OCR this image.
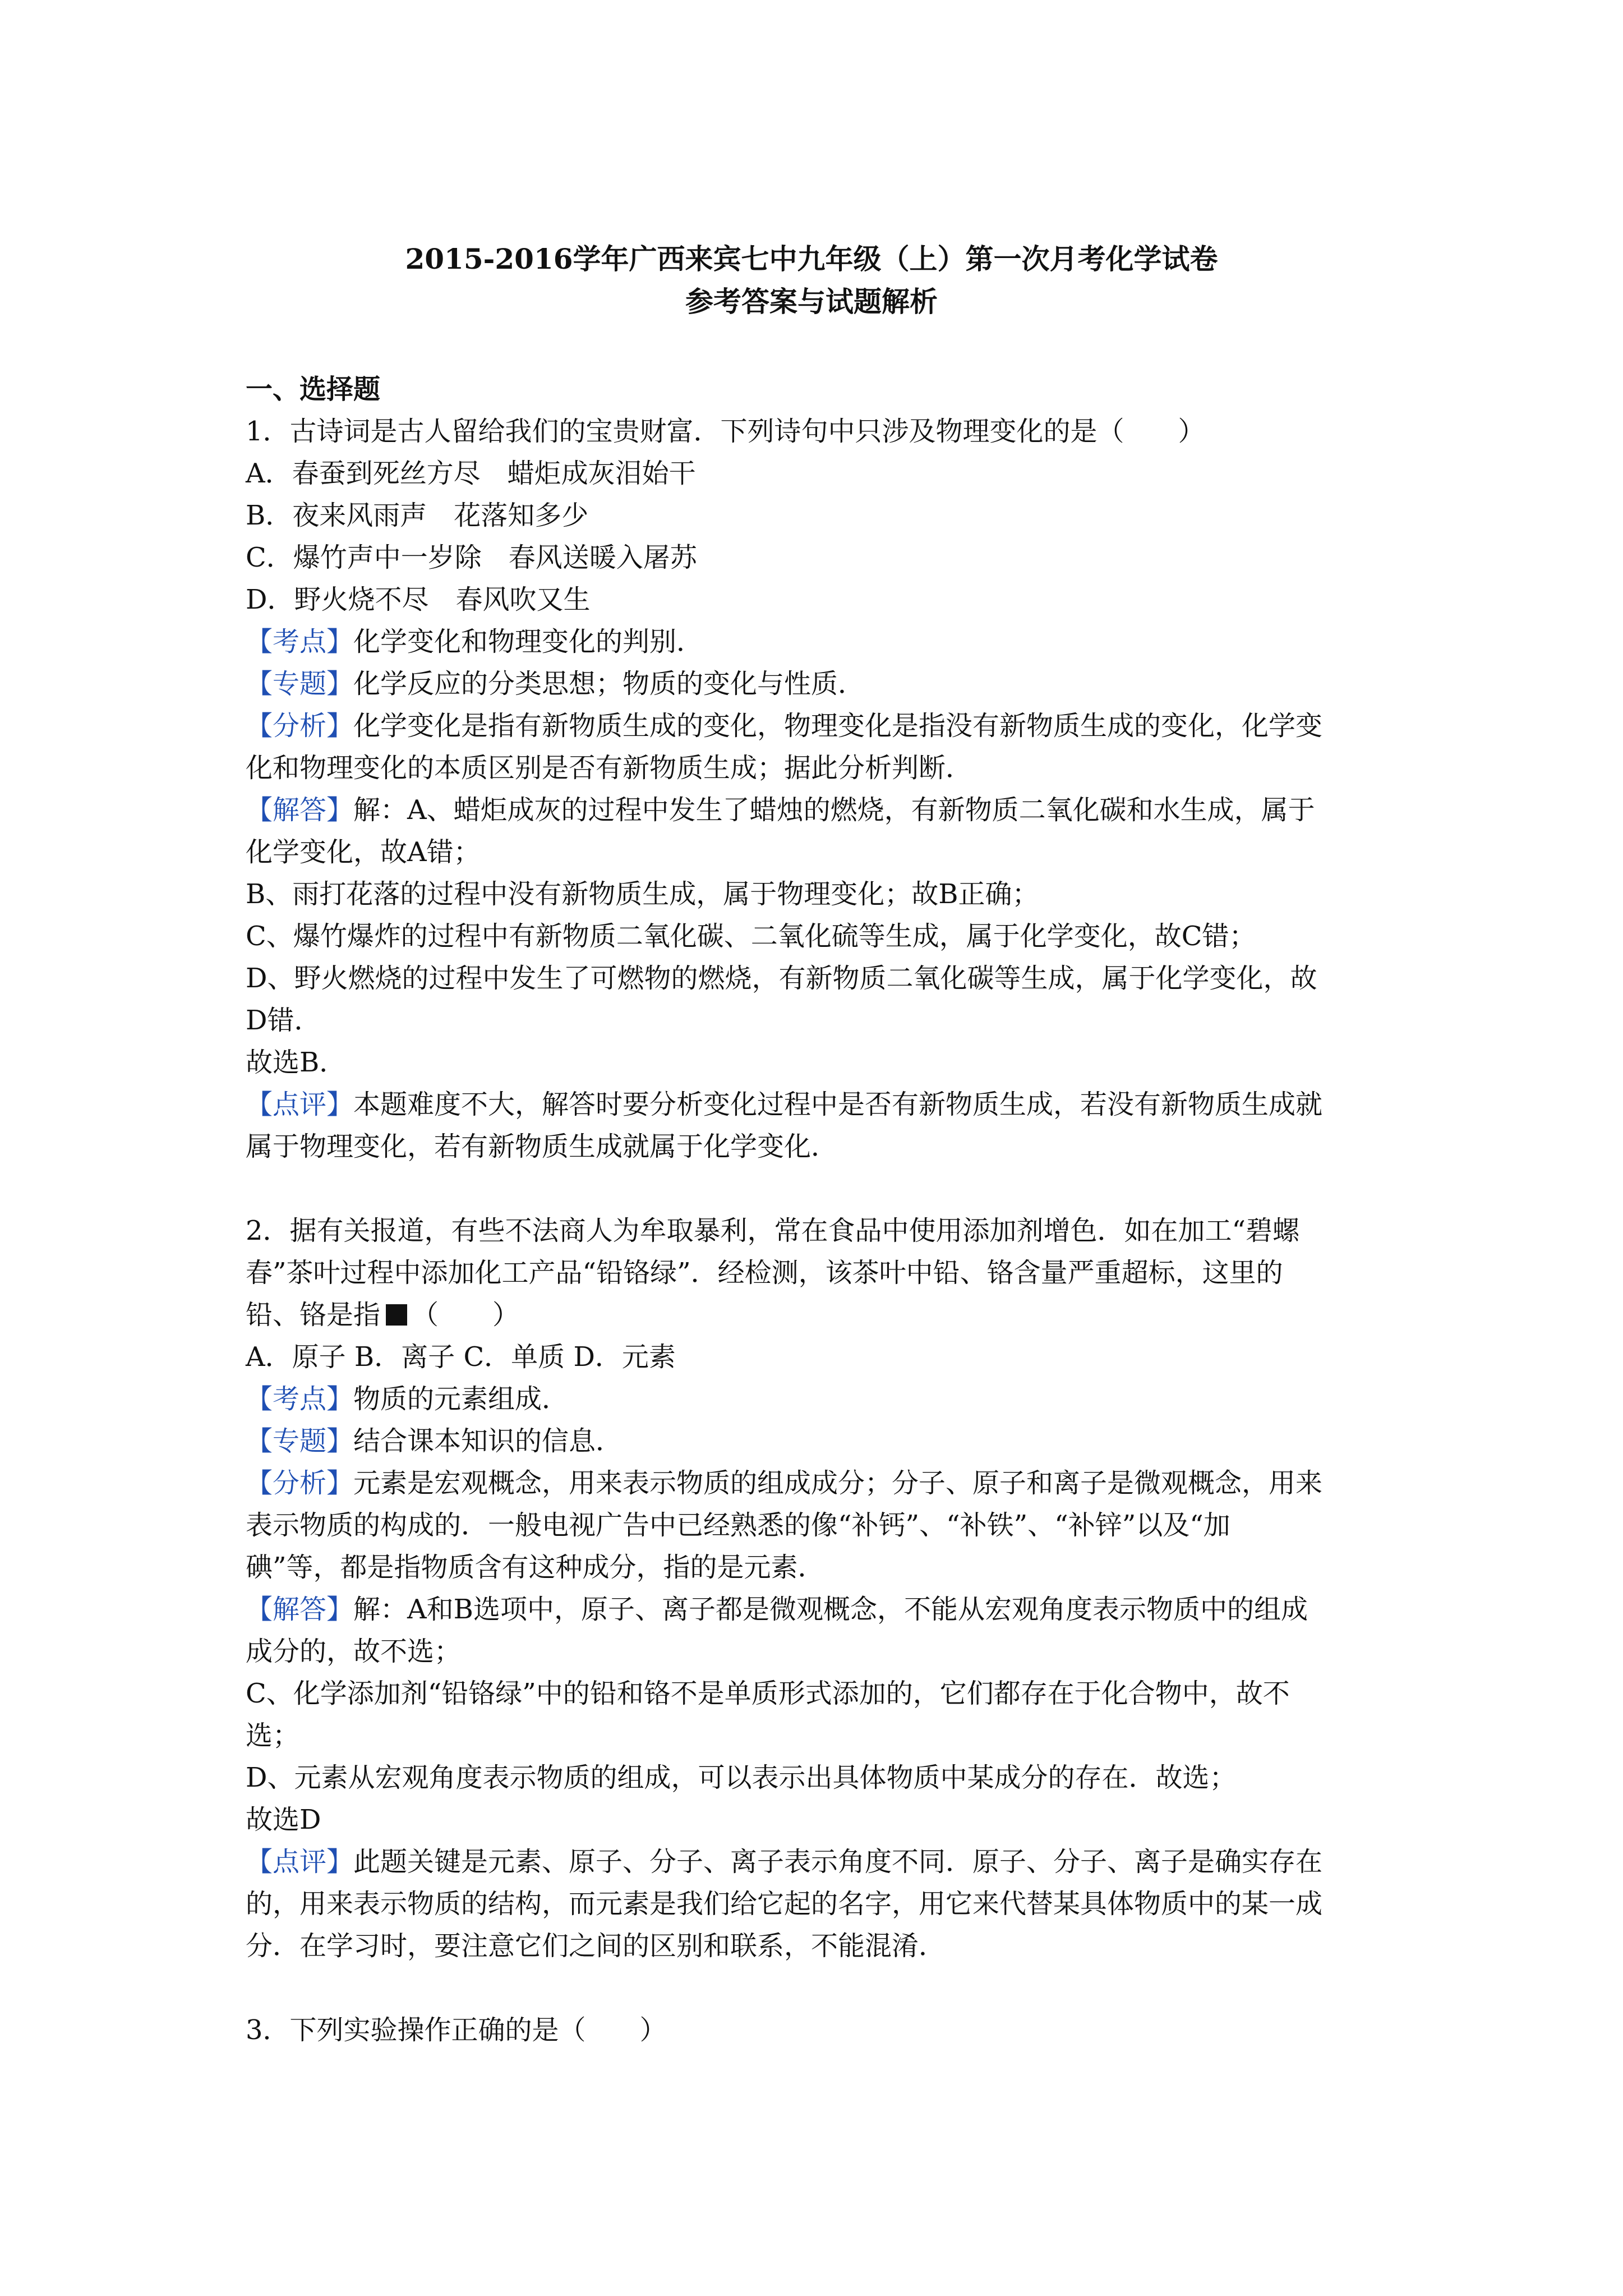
2015-2016学年广西来宾七中九年级（上）第一次月考化学试卷
参考答案与试题解析
一、选择题
1．古诗词是古人留给我们的宝贵财富．下列诗句中只涉及物理变化的是（　　）
A．春蚕到死丝方尽　蜡炬成灰泪始干
B．夜来风雨声　花落知多少
C．爆竹声中一岁除　春风送暖入屠苏
D．野火烧不尽　春风吹又生
【考点】化学变化和物理变化的判别．
【专题】化学反应的分类思想；物质的变化与性质．
【分析】化学变化是指有新物质生成的变化，物理变化是指没有新物质生成的变化，化学变
化和物理变化的本质区别是否有新物质生成；据此分析判断．
【解答】解：A、蜡炬成灰的过程中发生了蜡烛的燃烧，有新物质二氧化碳和水生成，属于
化学变化，故A错；
B、雨打花落的过程中没有新物质生成，属于物理变化；故B正确；
C、爆竹爆炸的过程中有新物质二氧化碳、二氧化硫等生成，属于化学变化，故C错；
D、野火燃烧的过程中发生了可燃物的燃烧，有新物质二氧化碳等生成，属于化学变化，故
D错．
故选B．
【点评】本题难度不大，解答时要分析变化过程中是否有新物质生成，若没有新物质生成就
属于物理变化，若有新物质生成就属于化学变化．
2．据有关报道，有些不法商人为牟取暴利，常在食品中使用添加剂增色．如在加工“碧螺
春”茶叶过程中添加化工产品“铅铬绿”．经检测，该茶叶中铅、铬含量严重超标，这里的
铅、铬是指 （　　）
A．原子 B．离子 C．单质 D．元素
【考点】物质的元素组成．
【专题】结合课本知识的信息．
【分析】元素是宏观概念，用来表示物质的组成成分；分子、原子和离子是微观概念，用来
表示物质的构成的．一般电视广告中已经熟悉的像“补钙”、“补铁”、“补锌”以及“加
碘”等，都是指物质含有这种成分，指的是元素．
【解答】解：A和B选项中，原子、离子都是微观概念，不能从宏观角度表示物质中的组成
成分的，故不选；
C、化学添加剂“铅铬绿”中的铅和铬不是单质形式添加的，它们都存在于化合物中，故不
选；
D、元素从宏观角度表示物质的组成，可以表示出具体物质中某成分的存在．故选；
故选D
【点评】此题关键是元素、原子、分子、离子表示角度不同．原子、分子、离子是确实存在
的，用来表示物质的结构，而元素是我们给它起的名字，用它来代替某具体物质中的某一成
分．在学习时，要注意它们之间的区别和联系，不能混淆．
3．下列实验操作正确的是（　　）
